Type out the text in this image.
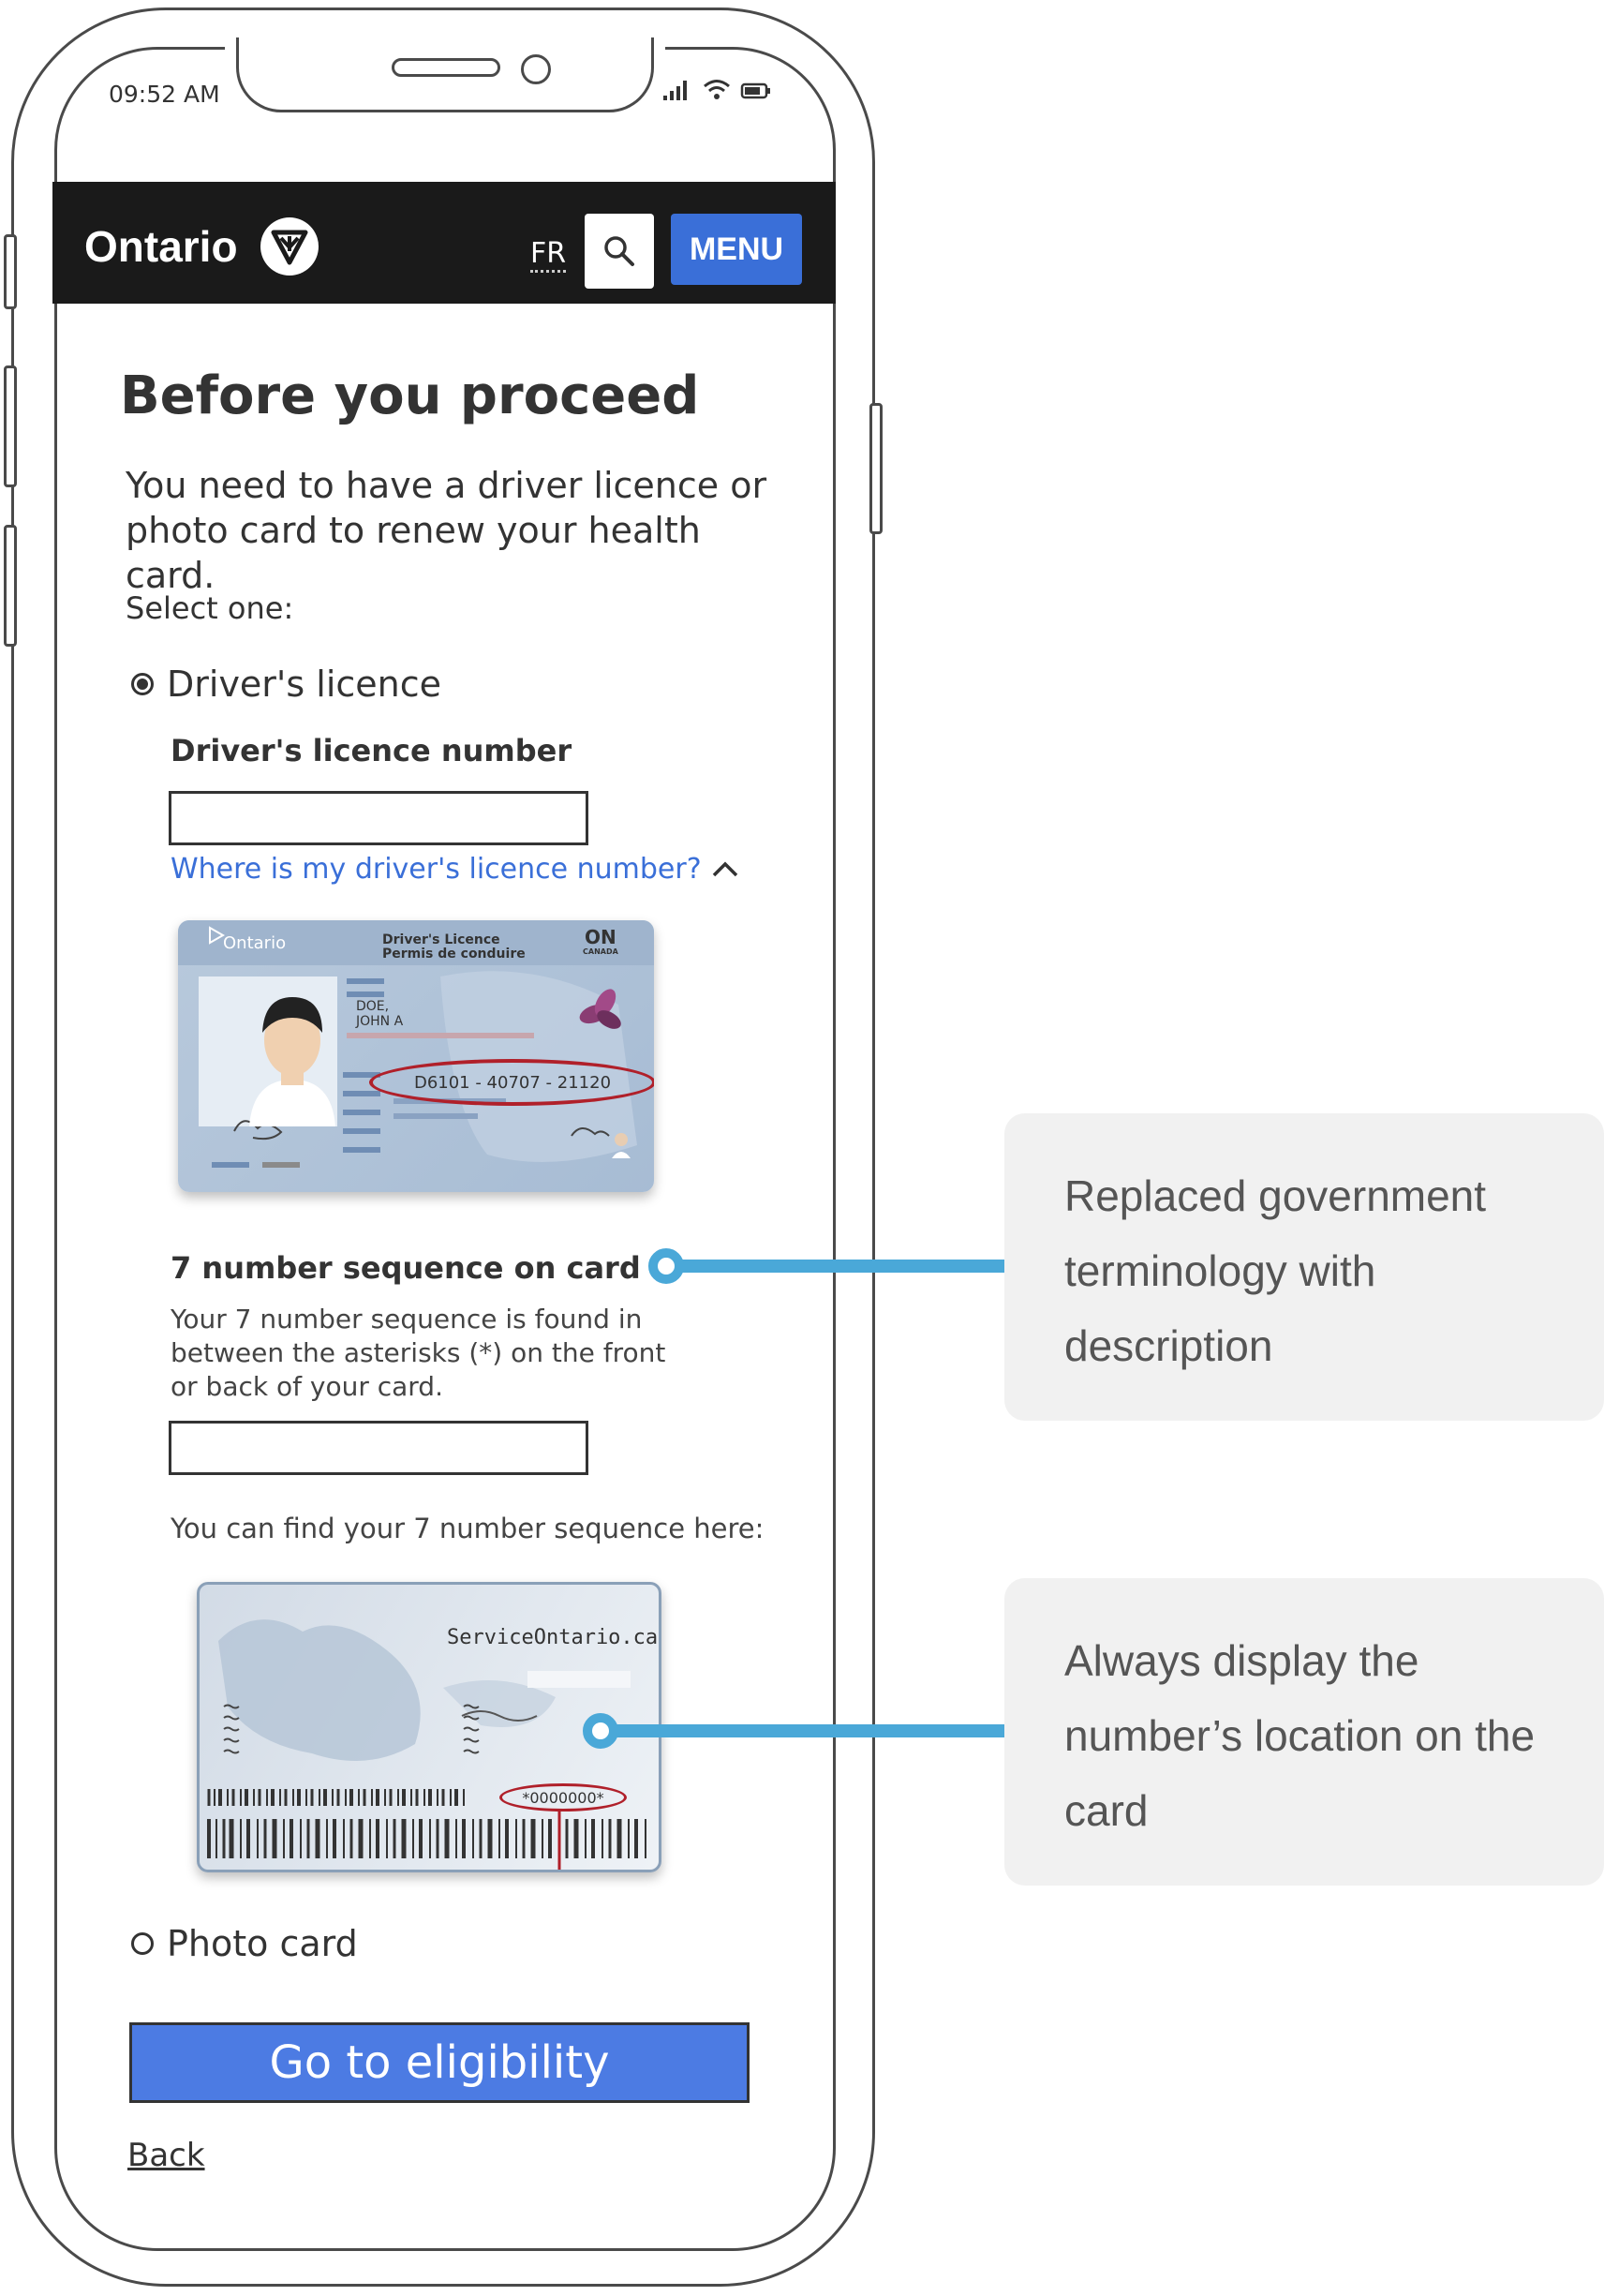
09:52 AM
Ontario	FR	MENU
Before you proceed
You need to have a driver licence or photo card to renew your health card.
Select one:
Driver's licence
Driver's licence number
Where is my driver's licence number?
Ontario	Driver's Licence
Permis de conduire
ON
CANADA
DOE,
JOHN A
D6101 - 40707 - 21120
7 number sequence on card
Your 7 number sequence is found in between the asterisks (*) on the front or back of your card.
You can find your 7 number sequence here:
ServiceOntario.ca
*0000000*
Photo card
Go to eligibility
Back
Replaced government terminology with description
Always display the number’s location on the card
